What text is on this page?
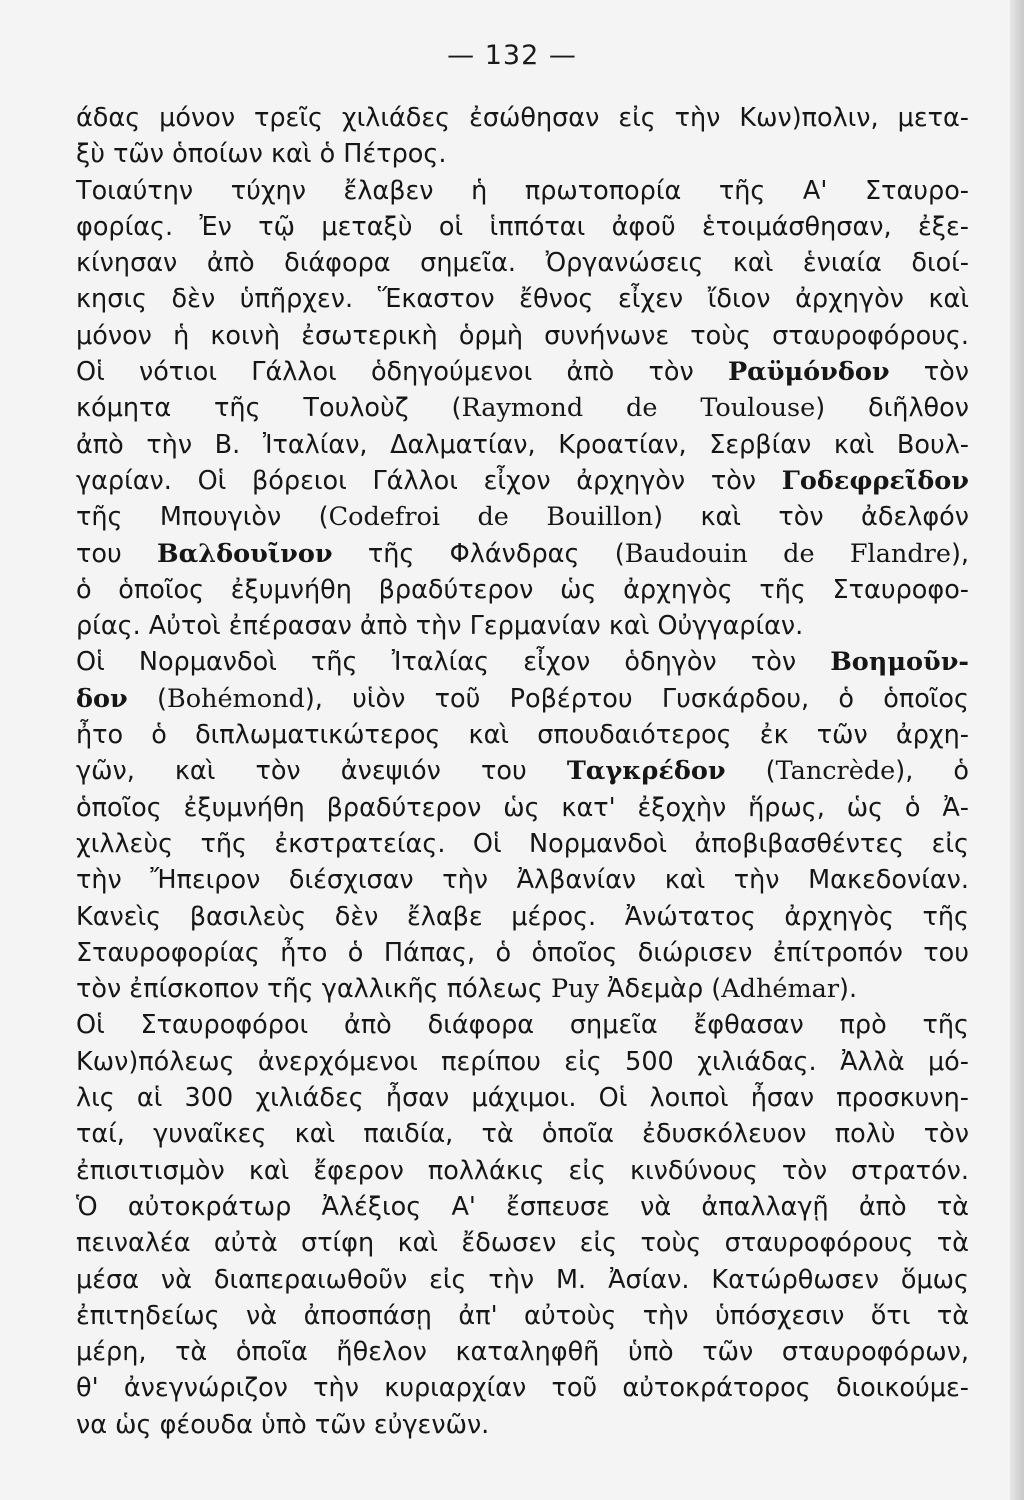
— 132 —
άδας μόνον τρεῖς χιλιάδες ἐσώθησαν εἰς τὴν Κων)πολιν, μετα-
ξὺ τῶν ὁποίων καὶ ὁ Πέτρος.
Τοιαύτην τύχην ἔλαβεν ἡ πρωτοπορία τῆς Α' Σταυρο-
φορίας. Ἐν τῷ μεταξὺ οἱ ἱππόται ἀφοῦ ἑτοιμάσθησαν, ἐξε-
κίνησαν ἀπὸ διάφορα σημεῖα. Ὀργανώσεις καὶ ἑνιαία διοί-
κησις δὲν ὑπῆρχεν. Ἕκαστον ἔθνος εἶχεν ἴδιον ἀρχηγὸν καὶ
μόνον ἡ κοινὴ ἐσωτερικὴ ὁρμὴ συνήνωνε τοὺς σταυροφόρους.
Οἱ νότιοι Γάλλοι ὁδηγούμενοι ἀπὸ τὸν Ραϋμόνδον τὸν
κόμητα τῆς Τουλοὺζ (Raymond de Toulouse) διῆλθον
ἀπὸ τὴν Β. Ἰταλίαν, Δαλματίαν, Κροατίαν, Σερβίαν καὶ Βουλ-
γαρίαν. Οἱ βόρειοι Γάλλοι εἶχον ἀρχηγὸν τὸν Γοδεφρεῖδον
τῆς Μπουγιὸν (Codefroi de Bouillon) καὶ τὸν ἀδελφόν
του Βαλδουῖνον τῆς Φλάνδρας (Baudouin de Flandre),
ὁ ὁποῖος ἐξυμνήθη βραδύτερον ὡς ἀρχηγὸς τῆς Σταυροφο-
ρίας. Αὐτοὶ ἐπέρασαν ἀπὸ τὴν Γερμανίαν καὶ Οὐγγαρίαν.
Οἱ Νορμανδοὶ τῆς Ἰταλίας εἶχον ὁδηγὸν τὸν Βοημοῦν-
δον (Bohémond), υἱὸν τοῦ Ροβέρτου Γυσκάρδου, ὁ ὁποῖος
ἦτο ὁ διπλωματικώτερος καὶ σπουδαιότερος ἐκ τῶν ἀρχη-
γῶν, καὶ τὸν ἀνεψιόν του Ταγκρέδον (Tancrède), ὁ
ὁποῖος ἐξυμνήθη βραδύτερον ὡς κατ' ἐξοχὴν ἥρως, ὡς ὁ Ἀ-
χιλλεὺς τῆς ἐκστρατείας. Οἱ Νορμανδοὶ ἀποβιβασθέντες εἰς
τὴν Ἤπειρον διέσχισαν τὴν Ἀλβανίαν καὶ τὴν Μακεδονίαν.
Κανεὶς βασιλεὺς δὲν ἔλαβε μέρος. Ἀνώτατος ἀρχηγὸς τῆς
Σταυροφορίας ἦτο ὁ Πάπας, ὁ ὁποῖος διώρισεν ἐπίτροπόν του
τὸν ἐπίσκοπον τῆς γαλλικῆς πόλεως Puy Ἀδεμὰρ (Adhémar).
Οἱ Σταυροφόροι ἀπὸ διάφορα σημεῖα ἔφθασαν πρὸ τῆς
Κων)πόλεως ἀνερχόμενοι περίπου εἰς 500 χιλιάδας. Ἀλλὰ μό-
λις αἱ 300 χιλιάδες ἦσαν μάχιμοι. Οἱ λοιποὶ ἦσαν προσκυνη-
ταί, γυναῖκες καὶ παιδία, τὰ ὁποῖα ἐδυσκόλευον πολὺ τὸν
ἐπισιτισμὸν καὶ ἔφερον πολλάκις εἰς κινδύνους τὸν στρατόν.
Ὁ αὐτοκράτωρ Ἀλέξιος Α' ἔσπευσε νὰ ἀπαλλαγῇ ἀπὸ τὰ
πειναλέα αὐτὰ στίφη καὶ ἔδωσεν εἰς τοὺς σταυροφόρους τὰ
μέσα νὰ διαπεραιωθοῦν εἰς τὴν Μ. Ἀσίαν. Κατώρθωσεν ὅμως
ἐπιτηδείως νὰ ἀποσπάσῃ ἀπ' αὐτοὺς τὴν ὑπόσχεσιν ὅτι τὰ
μέρη, τὰ ὁποῖα ἤθελον καταληφθῆ ὑπὸ τῶν σταυροφόρων,
θ' ἀνεγνώριζον τὴν κυριαρχίαν τοῦ αὐτοκράτορος διοικούμε-
να ὡς φέουδα ὑπὸ τῶν εὐγενῶν.
